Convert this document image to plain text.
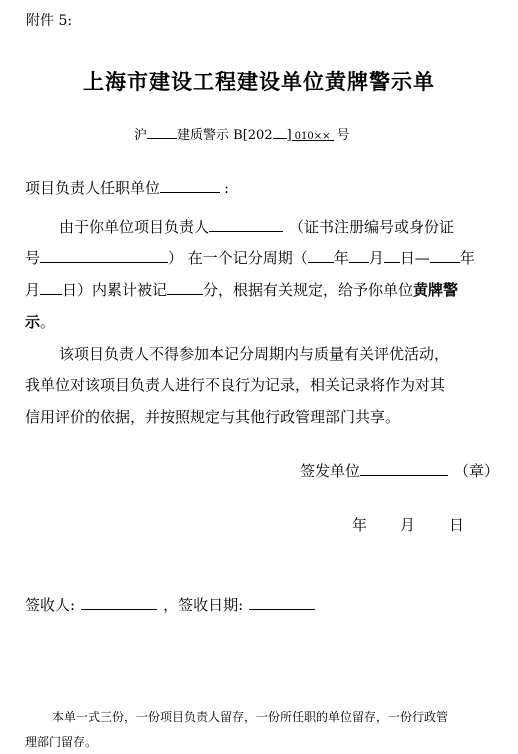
附件 5:
上海市建设工程建设单位黄牌警示单
沪 建质警示 B[202 ] 010×× 号
项目负责人任职单位	:
由于你单位项目负责人	（证书注册编号或身份证
号	） 在一个记分周期（ 年 月 日— 年
月 日）内累计被记 分，根据有关规定，给予你单位黄牌警
示。
该项目负责人不得参加本记分周期内与质量有关评优活动，
我单位对该项目负责人进行不良行为记录，相关记录将作为对其
信用评价的依据，并按照规定与其他行政管理部门共享。
签发单位	（章）
年 月 日
签收人:	，签收日期:
本单一式三份，一份项目负责人留存，一份所任职的单位留存，一份行政管
理部门留存。
